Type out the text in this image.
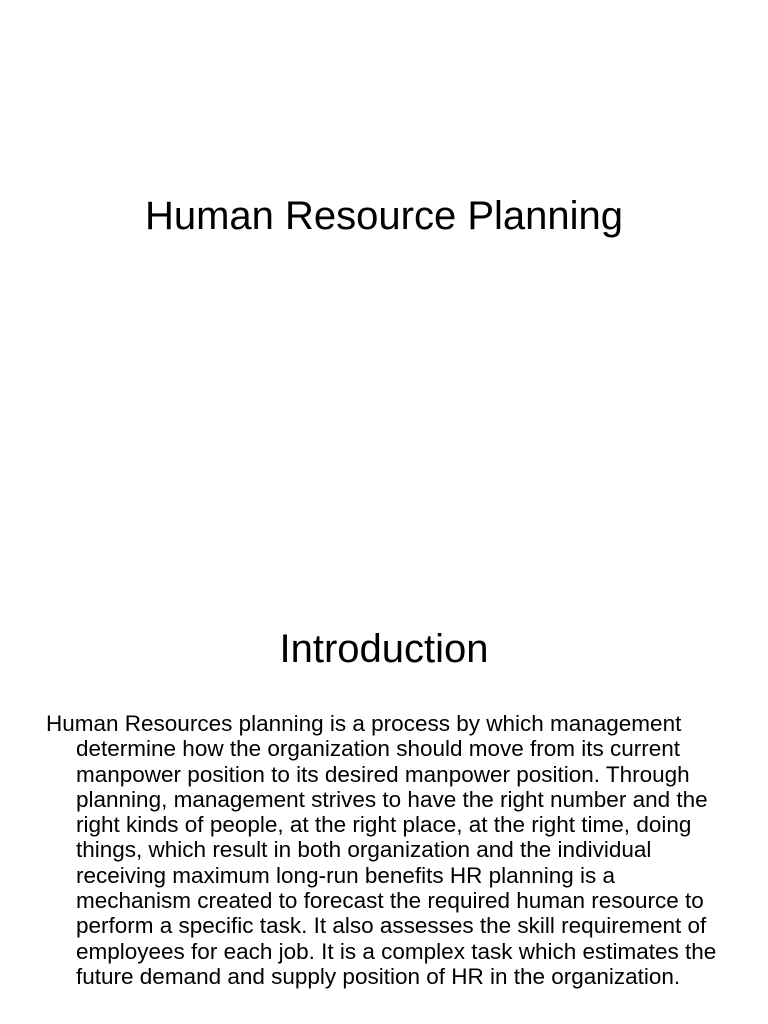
Human Resource Planning
Introduction

Human Resources planning is a process by which management determine how the organization should move from its current manpower position to its desired manpower position. Through planning, management strives to have the right number and the right kinds of people, at the right place, at the right time, doing things, which result in both organization and the individual receiving maximum long-run benefits HR planning is a mechanism created to forecast the required human resource to perform a specific task. It also assesses the skill requirement of employees for each job. It is a complex task which estimates the future demand and supply position of HR in the organization.
